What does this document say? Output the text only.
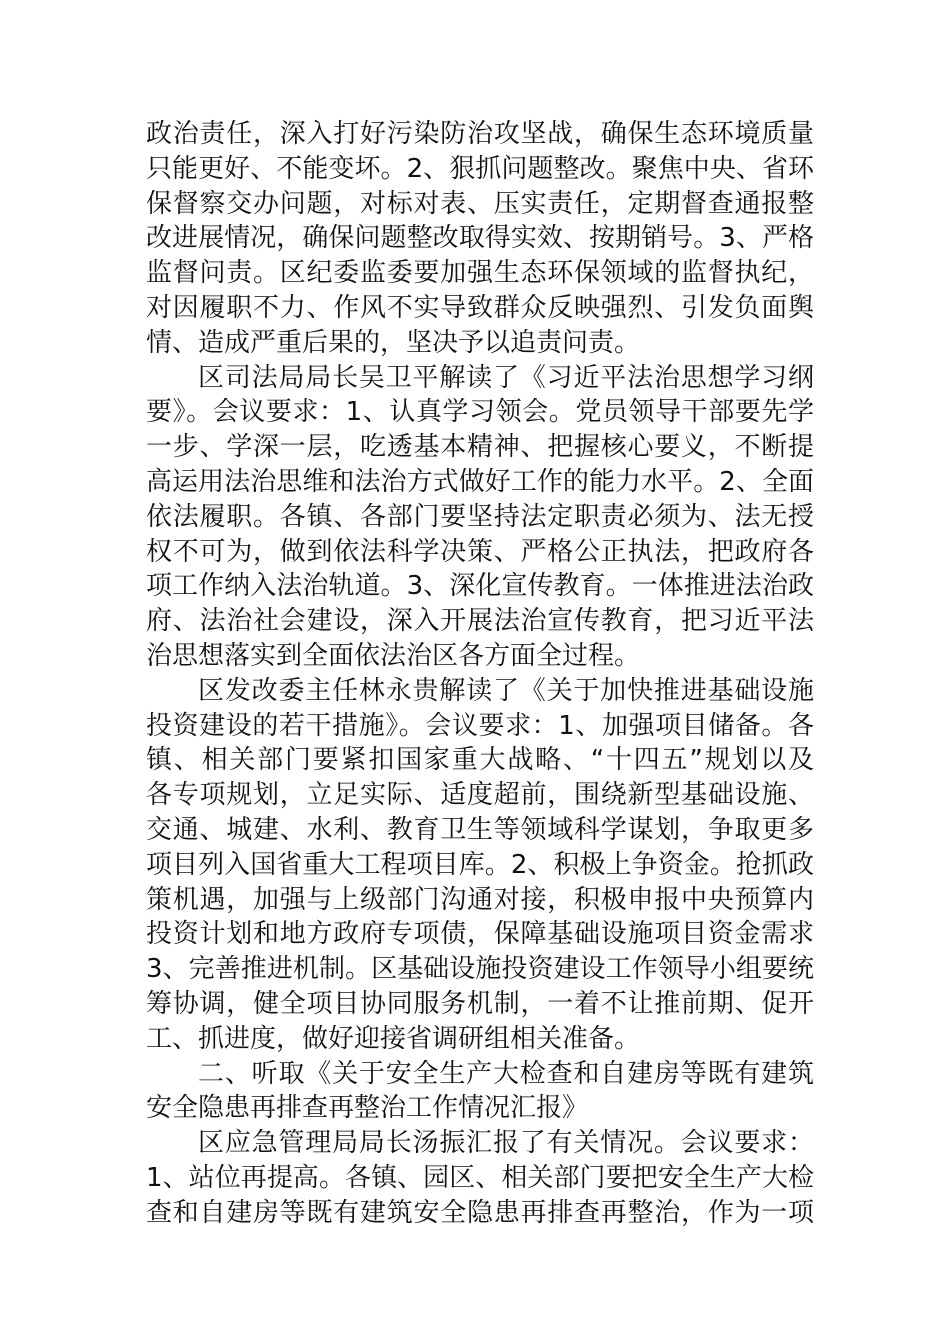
政治责任，深入打好污染防治攻坚战，确保生态环境质量
只能更好、不能变坏。2、狠抓问题整改。聚焦中央、省环
保督察交办问题，对标对表、压实责任，定期督查通报整
改进展情况，确保问题整改取得实效、按期销号。3、严格
监督问责。区纪委监委要加强生态环保领域的监督执纪，
对因履职不力、作风不实导致群众反映强烈、引发负面舆
情、造成严重后果的，坚决予以追责问责。
区司法局局长吴卫平解读了《习近平法治思想学习纲
要》。会议要求：1、认真学习领会。党员领导干部要先学
一步、学深一层，吃透基本精神、把握核心要义，不断提
高运用法治思维和法治方式做好工作的能力水平。2、全面
依法履职。各镇、各部门要坚持法定职责必须为、法无授
权不可为，做到依法科学决策、严格公正执法，把政府各
项工作纳入法治轨道。3、深化宣传教育。一体推进法治政
府、法治社会建设，深入开展法治宣传教育，把习近平法
治思想落实到全面依法治区各方面全过程。
区发改委主任林永贵解读了《关于加快推进基础设施
投资建设的若干措施》。会议要求：1、加强项目储备。各
镇、相关部门要紧扣国家重大战略、“十四五”规划以及
各专项规划，立足实际、适度超前，围绕新型基础设施、
交通、城建、水利、教育卫生等领域科学谋划，争取更多
项目列入国省重大工程项目库。2、积极上争资金。抢抓政
策机遇，加强与上级部门沟通对接，积极申报中央预算内
投资计划和地方政府专项债，保障基础设施项目资金需求
3、完善推进机制。区基础设施投资建设工作领导小组要统
筹协调，健全项目协同服务机制，一着不让推前期、促开
工、抓进度，做好迎接省调研组相关准备。
二、听取《关于安全生产大检查和自建房等既有建筑
安全隐患再排查再整治工作情况汇报》
区应急管理局局长汤振汇报了有关情况。会议要求：
1、站位再提高。各镇、园区、相关部门要把安全生产大检
查和自建房等既有建筑安全隐患再排查再整治，作为一项
